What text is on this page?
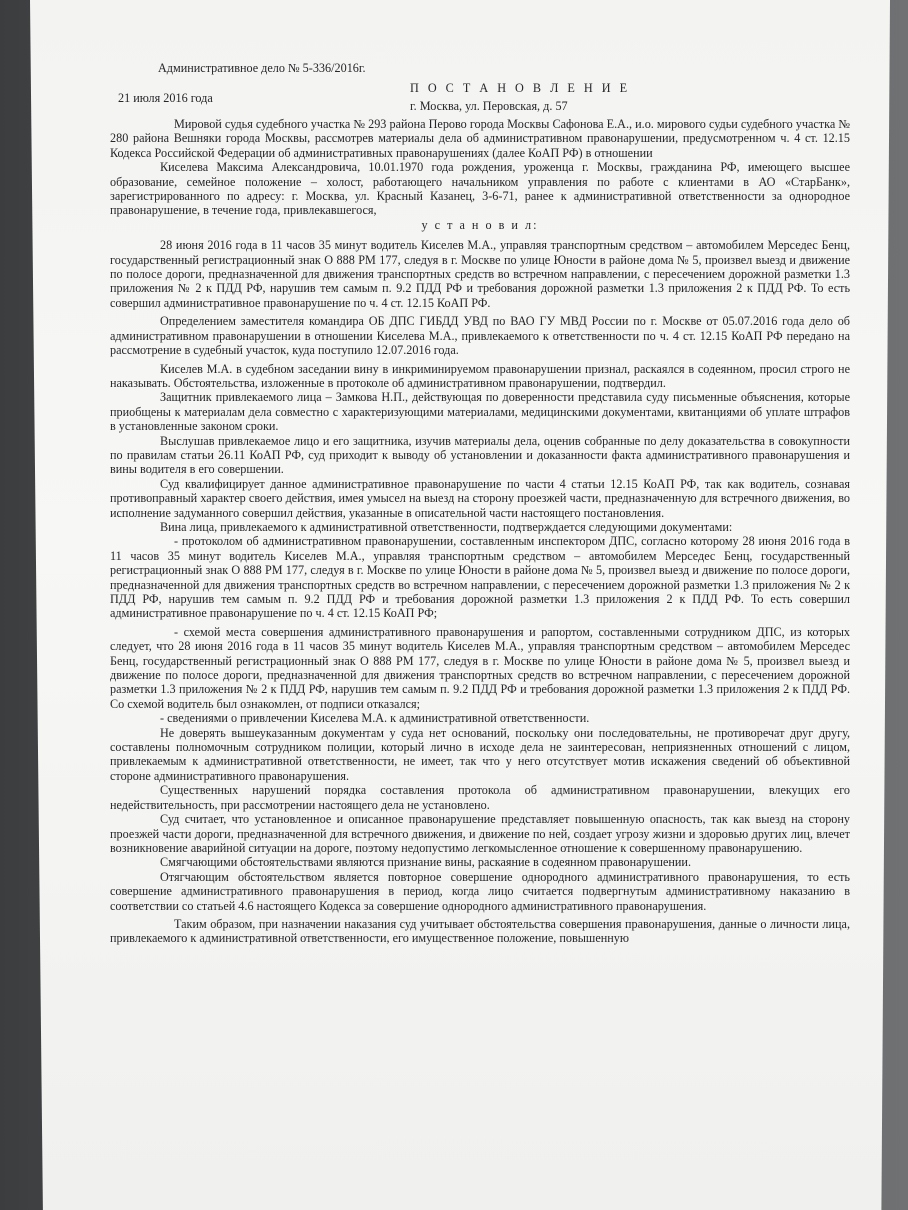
Административное дело № 5-336/2016г.
П О С Т А Н О В Л Е Н И Е
21 июля 2016 года
г. Москва, ул. Перовская, д. 57

Мировой судья судебного участка № 293 района Перово города Москвы Сафонова Е.А., и.о. мирового судьи судебного участка № 280 района Вешняки города Москвы, рассмотрев материалы дела об административном правонарушении, предусмотренном ч. 4 ст. 12.15 Кодекса Российской Федерации об административных правонарушениях (далее КоАП РФ) в отношении

Киселева Максима Александровича, 10.01.1970 года рождения, уроженца г. Москвы, гражданина РФ, имеющего высшее образование, семейное положение – холост, работающего начальником управления по работе с клиентами в АО «СтарБанк», зарегистрированного по адресу: г. Москва, ул. Красный Казанец, 3-6-71, ранее к административной ответственности за однородное правонарушение, в течение года, привлекавшегося,

у с т а н о в и л:

28 июня 2016 года в 11 часов 35 минут водитель Киселев М.А., управляя транспортным средством – автомобилем Мерседес Бенц, государственный регистрационный знак О 888 РМ 177, следуя в г. Москве по улице Юности в районе дома № 5, произвел выезд и движение по полосе дороги, предназначенной для движения транспортных средств во встречном направлении, с пересечением дорожной разметки 1.3 приложения № 2 к ПДД РФ, нарушив тем самым п. 9.2 ПДД РФ и требования дорожной разметки 1.3 приложения 2 к ПДД РФ. То есть совершил административное правонарушение по ч. 4 ст. 12.15 КоАП РФ.

Определением заместителя командира ОБ ДПС ГИБДД УВД по ВАО ГУ МВД России по г. Москве от 05.07.2016 года дело об административном правонарушении в отношении Киселева М.А., привлекаемого к ответственности по ч. 4 ст. 12.15 КоАП РФ передано на рассмотрение в судебный участок, куда поступило 12.07.2016 года.

Киселев М.А. в судебном заседании вину в инкриминируемом правонарушении признал, раскаялся в содеянном, просил строго не наказывать. Обстоятельства, изложенные в протоколе об административном правонарушении, подтвердил.

Защитник привлекаемого лица – Замкова Н.П., действующая по доверенности представила суду письменные объяснения, которые приобщены к материалам дела совместно с характеризующими материалами, медицинскими документами, квитанциями об уплате штрафов в установленные законом сроки.

Выслушав привлекаемое лицо и его защитника, изучив материалы дела, оценив собранные по делу доказательства в совокупности по правилам статьи 26.11 КоАП РФ, суд приходит к выводу об установлении и доказанности факта административного правонарушения и вины водителя в его совершении.

Суд квалифицирует данное административное правонарушение по части 4 статьи 12.15 КоАП РФ, так как водитель, сознавая противоправный характер своего действия, имея умысел на выезд на сторону проезжей части, предназначенную для встречного движения, во исполнение задуманного совершил действия, указанные в описательной части настоящего постановления.

Вина лица, привлекаемого к административной ответственности, подтверждается следующими документами:

- протоколом об административном правонарушении, составленным инспектором ДПС, согласно которому 28 июня 2016 года в 11 часов 35 минут водитель Киселев М.А., управляя транспортным средством – автомобилем Мерседес Бенц, государственный регистрационный знак О 888 РМ 177, следуя в г. Москве по улице Юности в районе дома № 5, произвел выезд и движение по полосе дороги, предназначенной для движения транспортных средств во встречном направлении, с пересечением дорожной разметки 1.3 приложения № 2 к ПДД РФ, нарушив тем самым п. 9.2 ПДД РФ и требования дорожной разметки 1.3 приложения 2 к ПДД РФ. То есть совершил административное правонарушение по ч. 4 ст. 12.15 КоАП РФ;

- схемой места совершения административного правонарушения и рапортом, составленными сотрудником ДПС, из которых следует, что 28 июня 2016 года в 11 часов 35 минут водитель Киселев М.А., управляя транспортным средством – автомобилем Мерседес Бенц, государственный регистрационный знак О 888 РМ 177, следуя в г. Москве по улице Юности в районе дома № 5, произвел выезд и движение по полосе дороги, предназначенной для движения транспортных средств во встречном направлении, с пересечением дорожной разметки 1.3 приложения № 2 к ПДД РФ, нарушив тем самым п. 9.2 ПДД РФ и требования дорожной разметки 1.3 приложения 2 к ПДД РФ. Со схемой водитель был ознакомлен, от подписи отказался;

- сведениями о привлечении Киселева М.А. к административной ответственности.

Не доверять вышеуказанным документам у суда нет оснований, поскольку они последовательны, не противоречат друг другу, составлены полномочным сотрудником полиции, который лично в исходе дела не заинтересован, неприязненных отношений с лицом, привлекаемым к административной ответственности, не имеет, так что у него отсутствует мотив искажения сведений об объективной стороне административного правонарушения.

Существенных нарушений порядка составления протокола об административном правонарушении, влекущих его недействительность, при рассмотрении настоящего дела не установлено.

Суд считает, что установленное и описанное правонарушение представляет повышенную опасность, так как выезд на сторону проезжей части дороги, предназначенной для встречного движения, и движение по ней, создает угрозу жизни и здоровью других лиц, влечет возникновение аварийной ситуации на дороге, поэтому недопустимо легкомысленное отношение к совершенному правонарушению.

Смягчающими обстоятельствами являются признание вины, раскаяние в содеянном правонарушении.

Отягчающим обстоятельством является повторное совершение однородного административного правонарушения, то есть совершение административного правонарушения в период, когда лицо считается подвергнутым административному наказанию в соответствии со статьей 4.6 настоящего Кодекса за совершение однородного административного правонарушения.

Таким образом, при назначении наказания суд учитывает обстоятельства совершения правонарушения, данные о личности лица, привлекаемого к административной ответственности, его имущественное положение, повышенную
